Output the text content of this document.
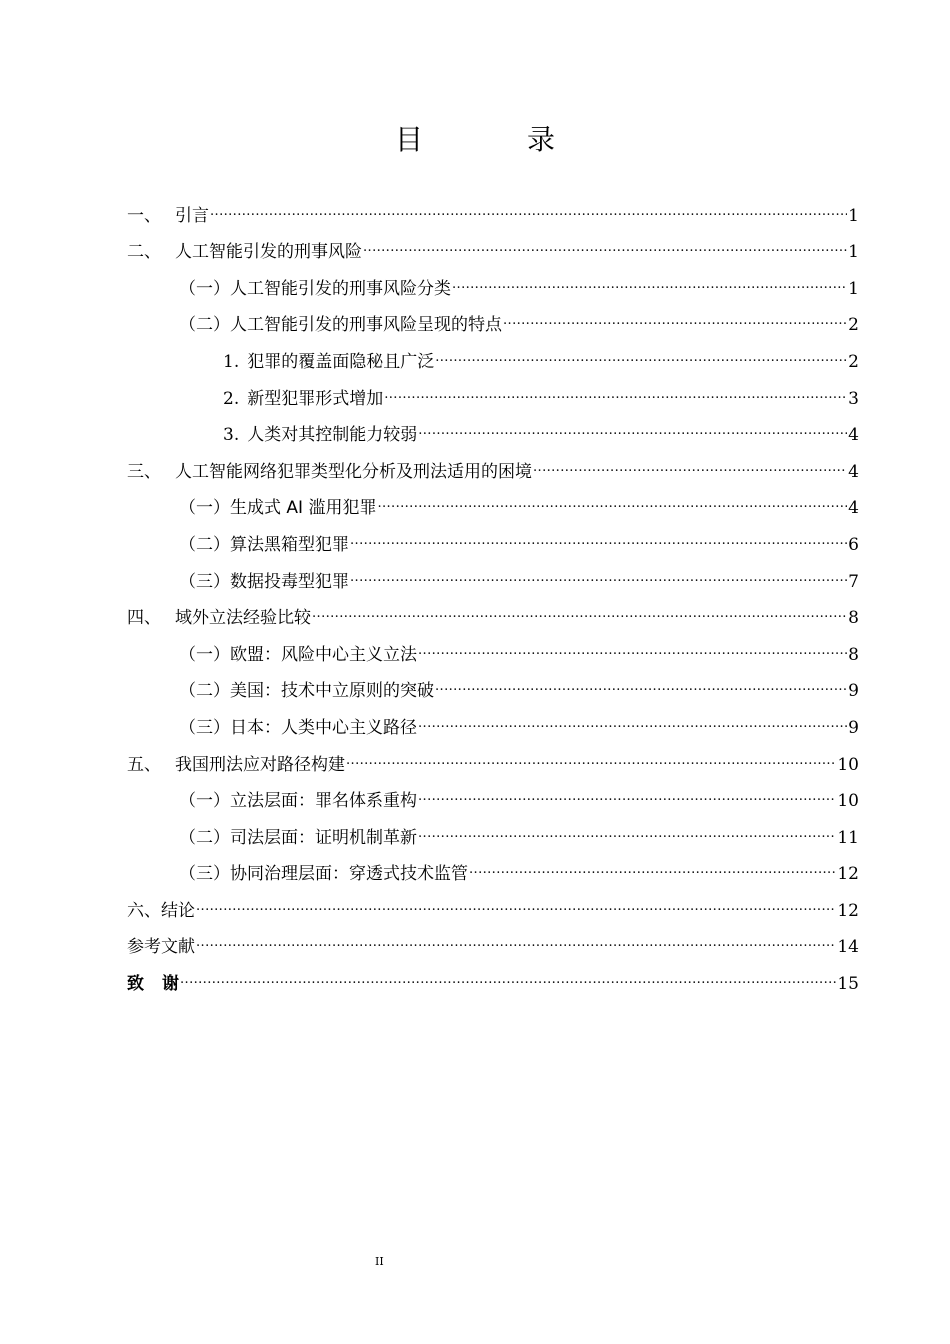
目　录
一、 引言 .....	1
二、 人工智能引发的刑事风险 .....	1
（一） 人工智能引发的刑事风险分类 .....	1
（二） 人工智能引发的刑事风险呈现的特点 .....	2
1. 犯罪的覆盖面隐秘且广泛 .....	2
2. 新型犯罪形式增加 .....	3
3. 人类对其控制能力较弱 .....	4
三、 人工智能网络犯罪类型化分析及刑法适用的困境 .....	4
（一） 生成式 AI 滥用犯罪 .....	4
（二） 算法黑箱型犯罪 .....	6
（三） 数据投毒型犯罪 .....	7
四、 域外立法经验比较 .....	8
（一） 欧盟：风险中心主义立法 .....	8
（二） 美国：技术中立原则的突破 .....	9
（三） 日本：人类中心主义路径 .....	9
五、 我国刑法应对路径构建 .....	10
（一） 立法层面：罪名体系重构 .....	10
（二） 司法层面：证明机制革新 .....	11
（三） 协同治理层面：穿透式技术监管 .....	12
六、结论 .....	12
参考文献 .....	14
致谢 .....	15
II
